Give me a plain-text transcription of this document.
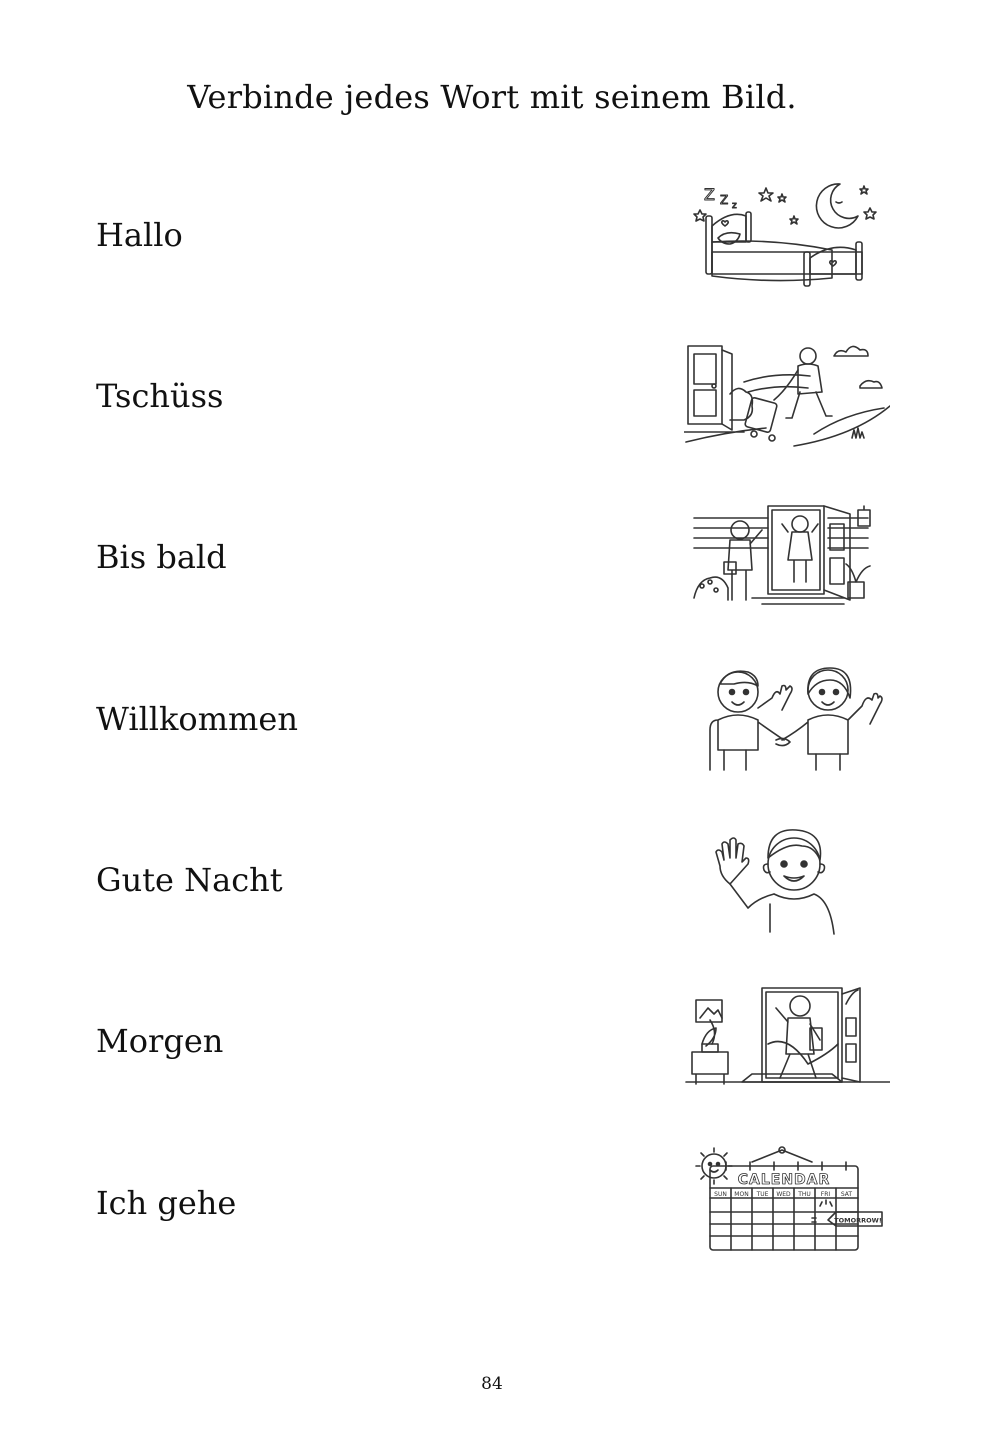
Verbinde jedes Wort mit seinem Bild.
Hallo
Tschüss
Bis bald
Willkommen
Gute Nacht
Morgen
Ich gehe
Z Z z
CALENDAR
SUN MON TUE WED THU FRI SAT
TOMORROW!
84
